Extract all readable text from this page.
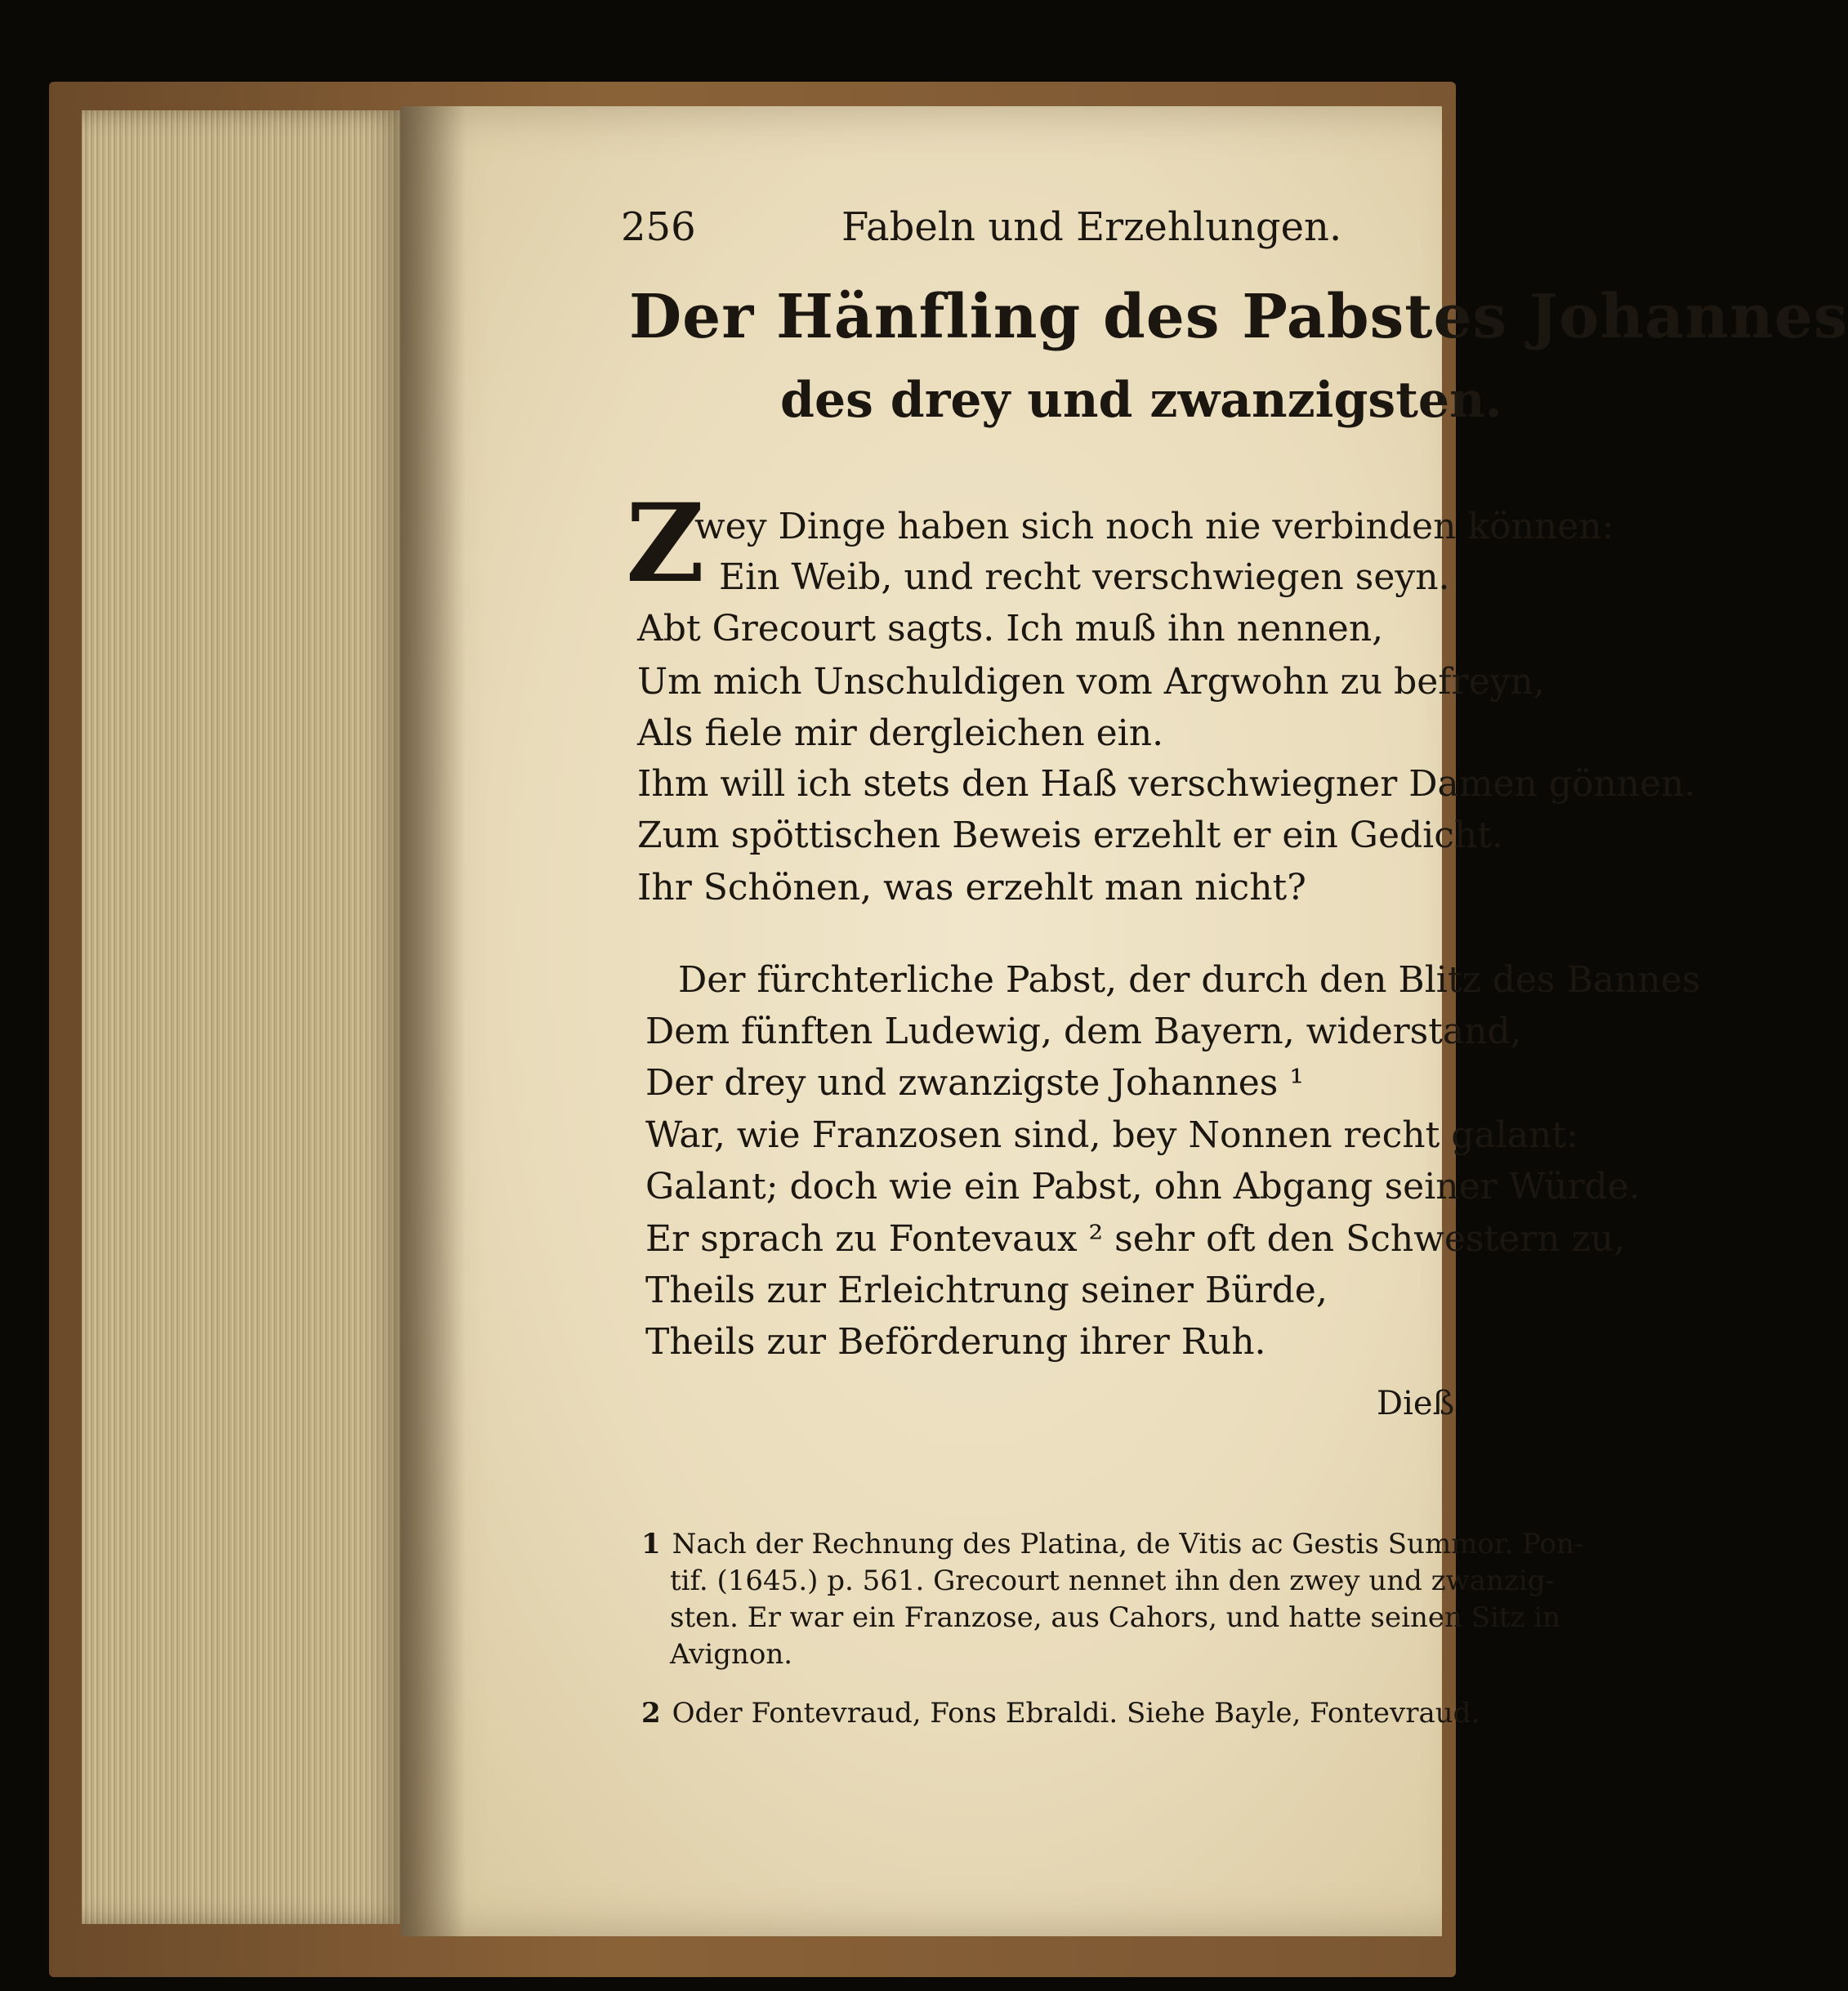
256	Fabeln und Erzehlungen.
Der Hänfling des Pabstes Johannes
des drey und zwanzigsten.
Z
wey Dinge haben sich noch nie verbinden können:
Ein Weib, und recht verschwiegen seyn.
Abt Grecourt sagts. Ich muß ihn nennen,
Um mich Unschuldigen vom Argwohn zu befreyn,
Als fiele mir dergleichen ein.
Ihm will ich stets den Haß verschwiegner Damen gönnen.
Zum spöttischen Beweis erzehlt er ein Gedicht.
Ihr Schönen, was erzehlt man nicht?
Der fürchterliche Pabst, der durch den Blitz des Bannes
Dem fünften Ludewig, dem Bayern, widerstand,
Der drey und zwanzigste Johannes ¹
War, wie Franzosen sind, bey Nonnen recht galant:
Galant; doch wie ein Pabst, ohn Abgang seiner Würde.
Er sprach zu Fontevaux ² sehr oft den Schwestern zu,
Theils zur Erleichtrung seiner Bürde,
Theils zur Beförderung ihrer Ruh.
Dieß
1 Nach der Rechnung des Platina, de Vitis ac Gestis Summor. Pon-
tif. (1645.) p. 561. Grecourt nennet ihn den zwey und zwanzig-
sten. Er war ein Franzose, aus Cahors, und hatte seinen Sitz in
Avignon.
2 Oder Fontevraud, Fons Ebraldi. Siehe Bayle, Fontevraud.
